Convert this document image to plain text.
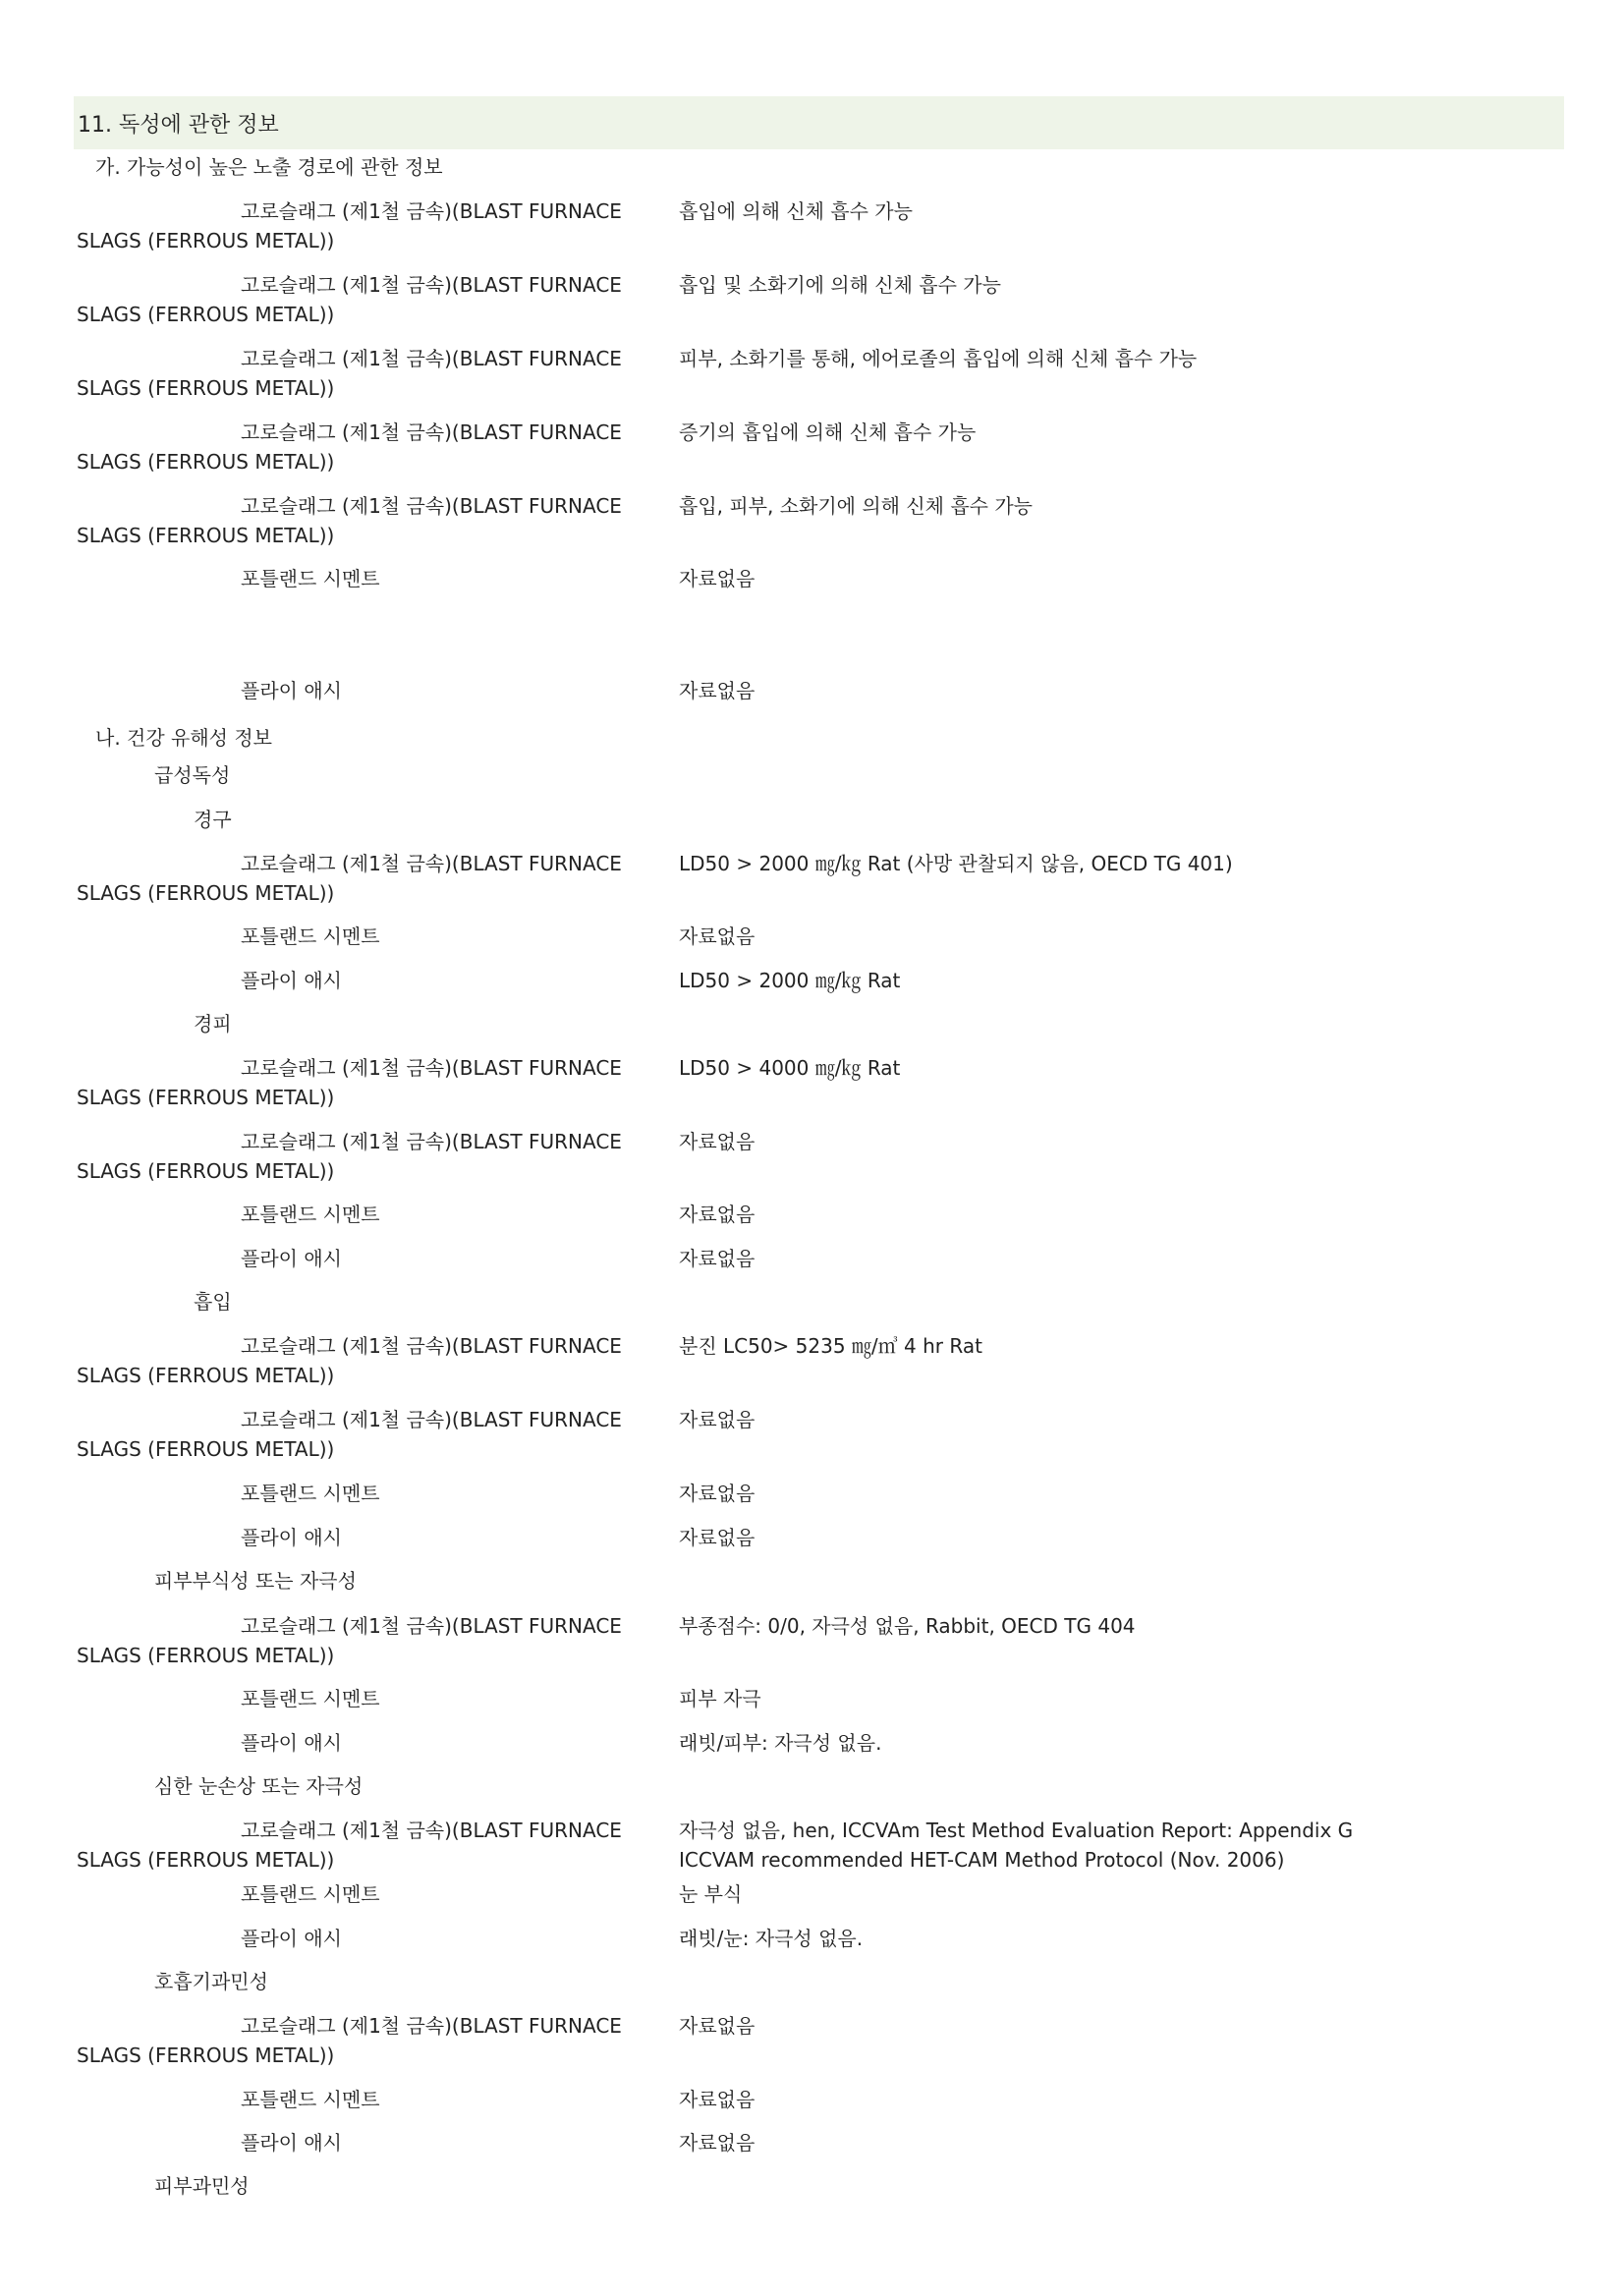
11. 독성에 관한 정보
가. 가능성이 높은 노출 경로에 관한 정보
고로슬래그 (제1철 금속)(BLAST FURNACE	흡입에 의해 신체 흡수 가능
SLAGS (FERROUS METAL))
고로슬래그 (제1철 금속)(BLAST FURNACE	흡입 및 소화기에 의해 신체 흡수 가능
SLAGS (FERROUS METAL))
고로슬래그 (제1철 금속)(BLAST FURNACE	피부, 소화기를 통해, 에어로졸의 흡입에 의해 신체 흡수 가능
SLAGS (FERROUS METAL))
고로슬래그 (제1철 금속)(BLAST FURNACE	증기의 흡입에 의해 신체 흡수 가능
SLAGS (FERROUS METAL))
고로슬래그 (제1철 금속)(BLAST FURNACE	흡입, 피부, 소화기에 의해 신체 흡수 가능
SLAGS (FERROUS METAL))
포틀랜드 시멘트	자료없음
플라이 애시	자료없음
나. 건강 유해성 정보
급성독성
경구
고로슬래그 (제1철 금속)(BLAST FURNACE	LD50 > 2000 ㎎/㎏ Rat (사망 관찰되지 않음, OECD TG 401)
SLAGS (FERROUS METAL))
포틀랜드 시멘트	자료없음
플라이 애시	LD50 > 2000 ㎎/㎏ Rat
경피
고로슬래그 (제1철 금속)(BLAST FURNACE	LD50 > 4000 ㎎/㎏ Rat
SLAGS (FERROUS METAL))
고로슬래그 (제1철 금속)(BLAST FURNACE	자료없음
SLAGS (FERROUS METAL))
포틀랜드 시멘트	자료없음
플라이 애시	자료없음
흡입
고로슬래그 (제1철 금속)(BLAST FURNACE	분진 LC50> 5235 ㎎/㎥ 4 hr Rat
SLAGS (FERROUS METAL))
고로슬래그 (제1철 금속)(BLAST FURNACE	자료없음
SLAGS (FERROUS METAL))
포틀랜드 시멘트	자료없음
플라이 애시	자료없음
피부부식성 또는 자극성
고로슬래그 (제1철 금속)(BLAST FURNACE	부종점수: 0/0, 자극성 없음, Rabbit, OECD TG 404
SLAGS (FERROUS METAL))
포틀랜드 시멘트	피부 자극
플라이 애시	래빗/피부: 자극성 없음.
심한 눈손상 또는 자극성
고로슬래그 (제1철 금속)(BLAST FURNACE	자극성 없음, hen, ICCVAm Test Method Evaluation Report: Appendix G
SLAGS (FERROUS METAL))	ICCVAM recommended HET-CAM Method Protocol (Nov. 2006)
포틀랜드 시멘트	눈 부식
플라이 애시	래빗/눈: 자극성 없음.
호흡기과민성
고로슬래그 (제1철 금속)(BLAST FURNACE	자료없음
SLAGS (FERROUS METAL))
포틀랜드 시멘트	자료없음
플라이 애시	자료없음
피부과민성
